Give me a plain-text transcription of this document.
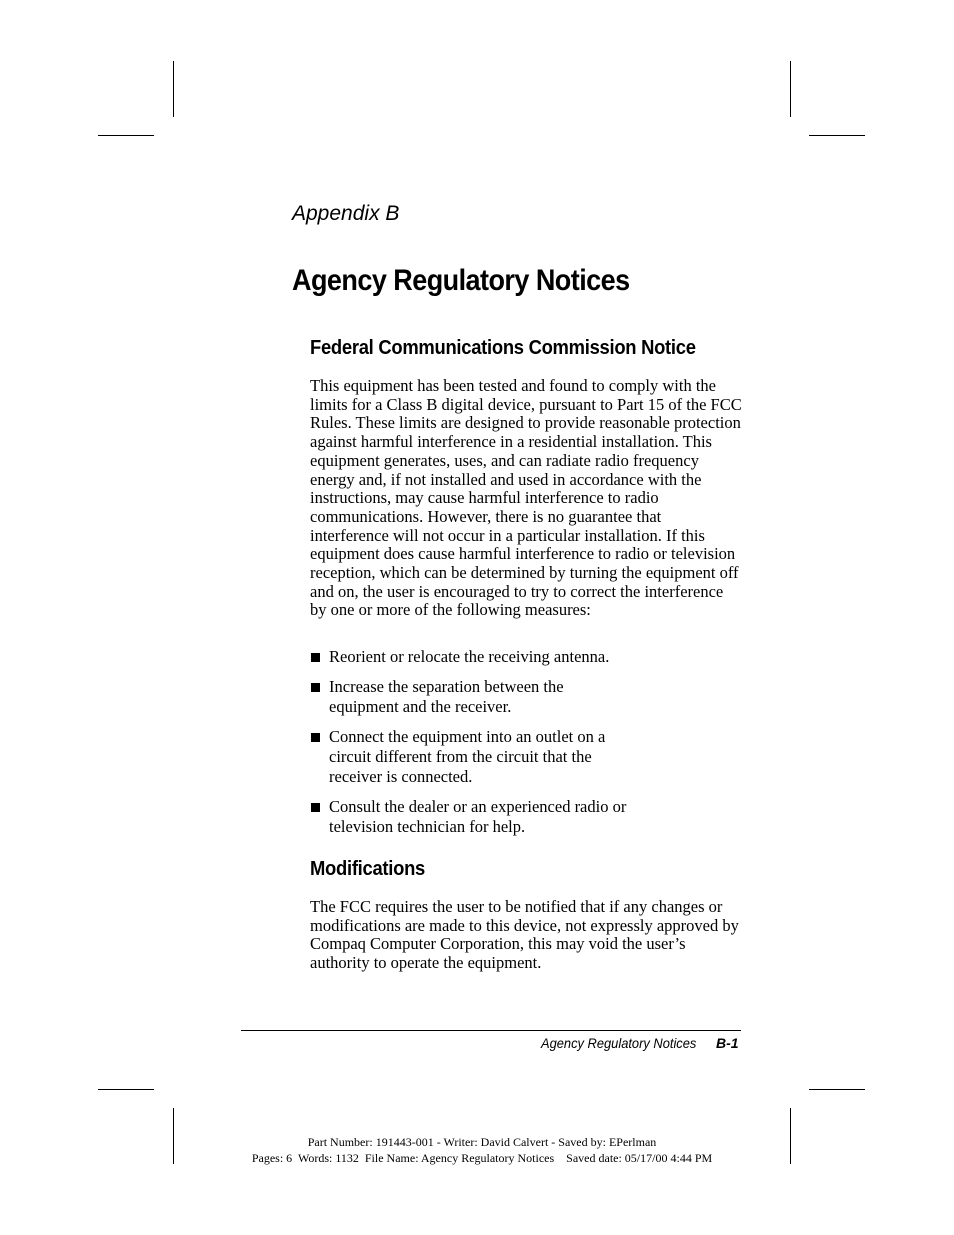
Appendix B
Agency Regulatory Notices
Federal Communications Commission Notice

This equipment has been tested and found to comply with the limits for a Class B digital device, pursuant to Part 15 of the FCC Rules. These limits are designed to provide reasonable protection against harmful interference in a residential installation. This equipment generates, uses, and can radiate radio frequency energy and, if not installed and used in accordance with the instructions, may cause harmful interference to radio communications. However, there is no guarantee that interference will not occur in a particular installation. If this equipment does cause harmful interference to radio or television reception, which can be determined by turning the equipment off and on, the user is encouraged to try to correct the interference by one or more of the following measures:

Reorient or relocate the receiving antenna.
Increase the separation between the equipment and the receiver.
Connect the equipment into an outlet on a circuit different from the circuit that the receiver is connected.
Consult the dealer or an experienced radio or television technician for help.
Modifications

The FCC requires the user to be notified that if any changes or modifications are made to this device, not expressly approved by Compaq Computer Corporation, this may void the user’s authority to operate the equipment.

Agency Regulatory Notices B-1
Part Number: 191443-001 - Writer: David Calvert - Saved by: EPerlman
Pages: 6  Words: 1132  File Name: Agency Regulatory Notices    Saved date: 05/17/00 4:44 PM
